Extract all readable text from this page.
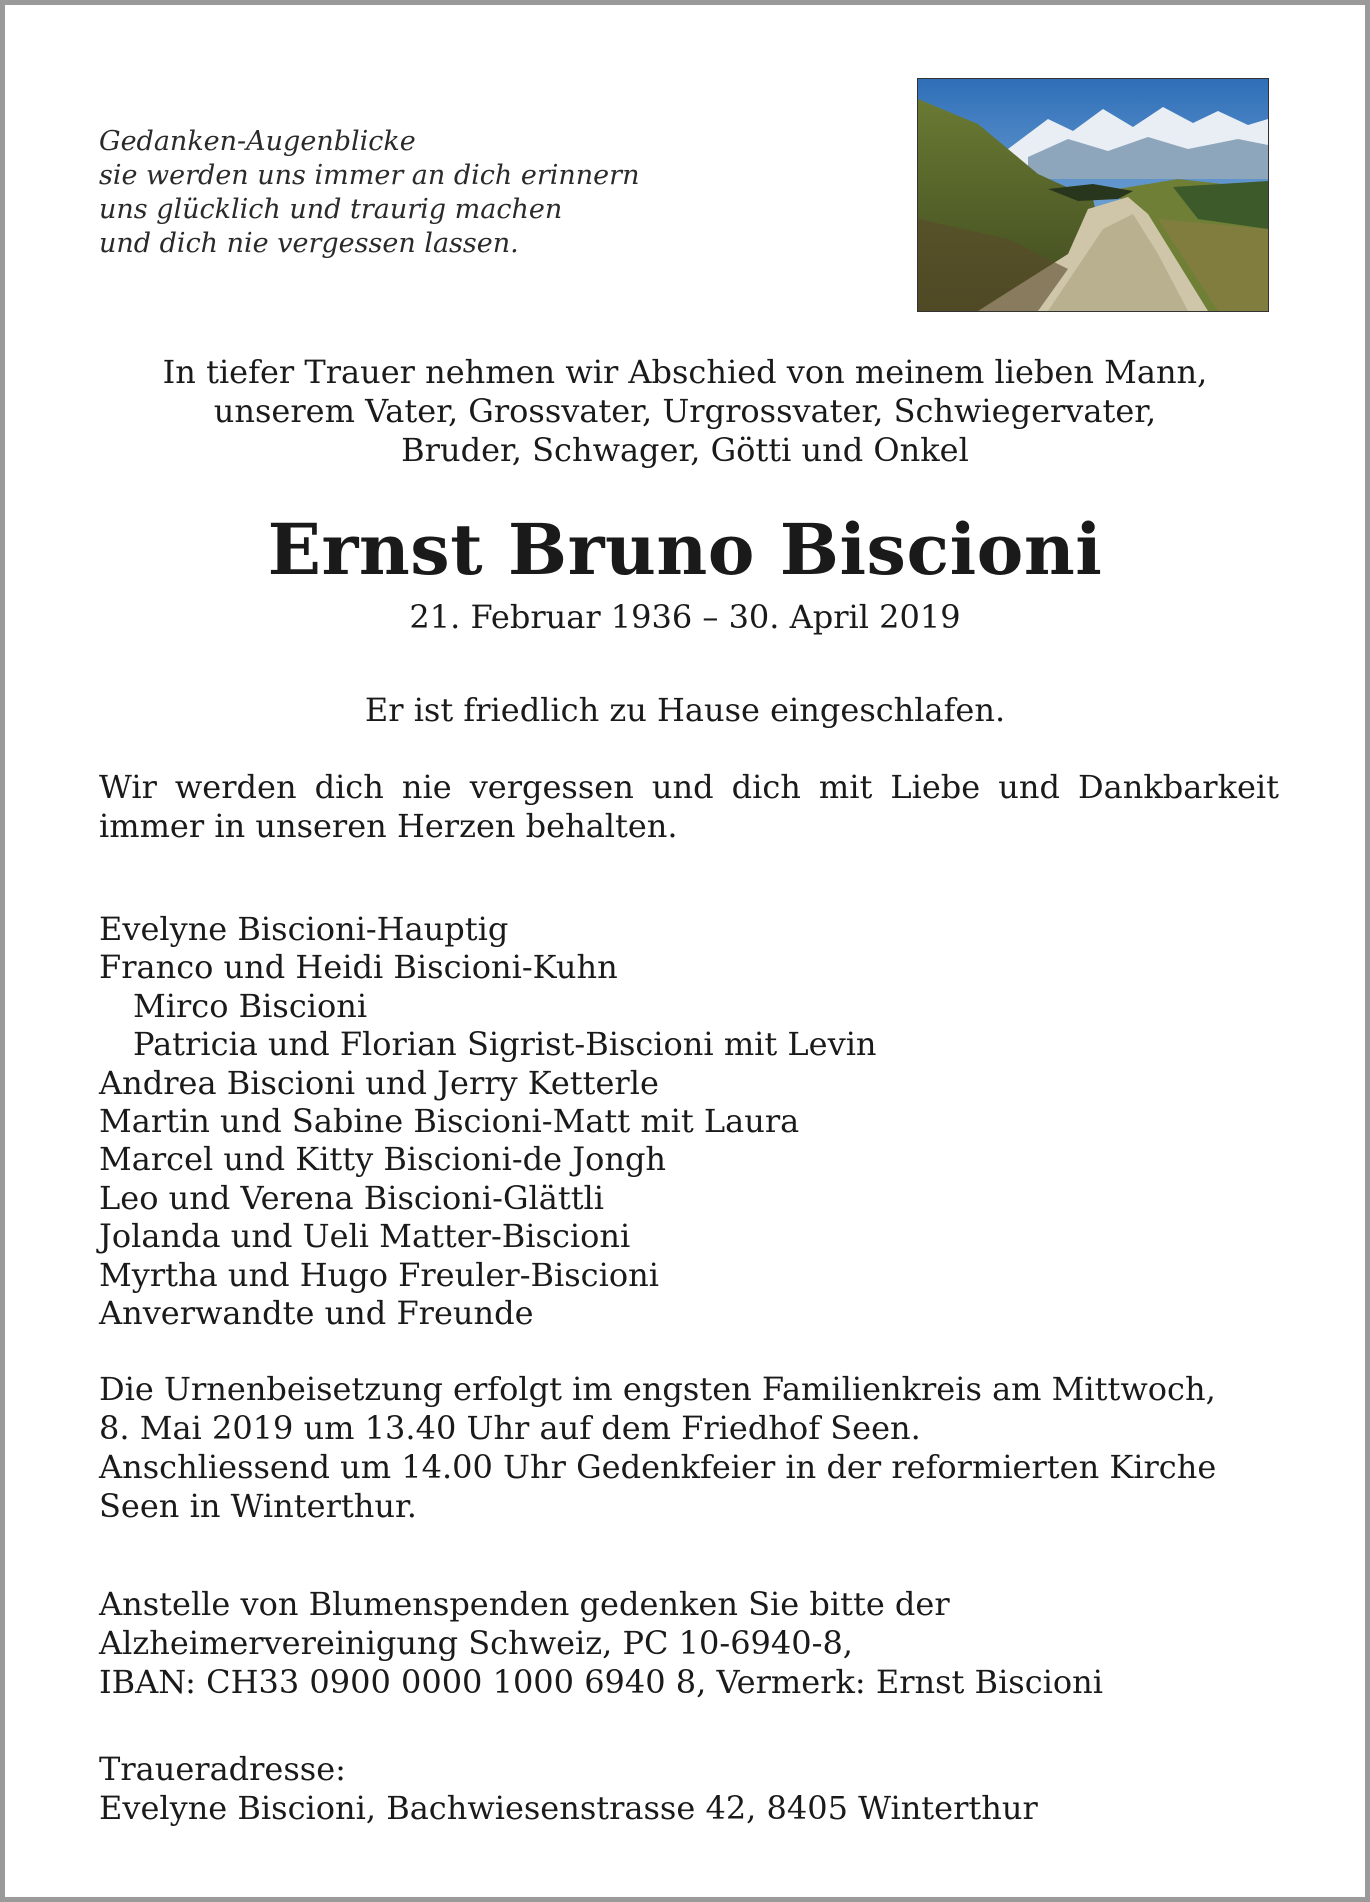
Gedanken-Augenblicke
sie werden uns immer an dich erinnern
uns glücklich und traurig machen
und dich nie vergessen lassen.
In tiefer Trauer nehmen wir Abschied von meinem lieben Mann,
unserem Vater, Grossvater, Urgrossvater, Schwiegervater,
Bruder, Schwager, Götti und Onkel
Ernst Bruno Biscioni
21. Februar 1936 – 30. April 2019
Er ist friedlich zu Hause eingeschlafen.
Wir werden dich nie vergessen und dich mit Liebe und Dankbarkeit immer in unseren Herzen behalten.
Evelyne Biscioni-Hauptig
Franco und Heidi Biscioni-Kuhn
Mirco Biscioni
Patricia und Florian Sigrist-Biscioni mit Levin
Andrea Biscioni und Jerry Ketterle
Martin und Sabine Biscioni-Matt mit Laura
Marcel und Kitty Biscioni-de Jongh
Leo und Verena Biscioni-Glättli
Jolanda und Ueli Matter-Biscioni
Myrtha und Hugo Freuler-Biscioni
Anverwandte und Freunde
Die Urnenbeisetzung erfolgt im engsten Familienkreis am Mittwoch,
8. Mai 2019 um 13.40 Uhr auf dem Friedhof Seen.
Anschliessend um 14.00 Uhr Gedenkfeier in der reformierten Kirche
Seen in Winterthur.
Anstelle von Blumenspenden gedenken Sie bitte der
Alzheimervereinigung Schweiz, PC 10-6940-8,
IBAN: CH33 0900 0000 1000 6940 8, Vermerk: Ernst Biscioni
Traueradresse:
Evelyne Biscioni, Bachwiesenstrasse 42, 8405 Winterthur
